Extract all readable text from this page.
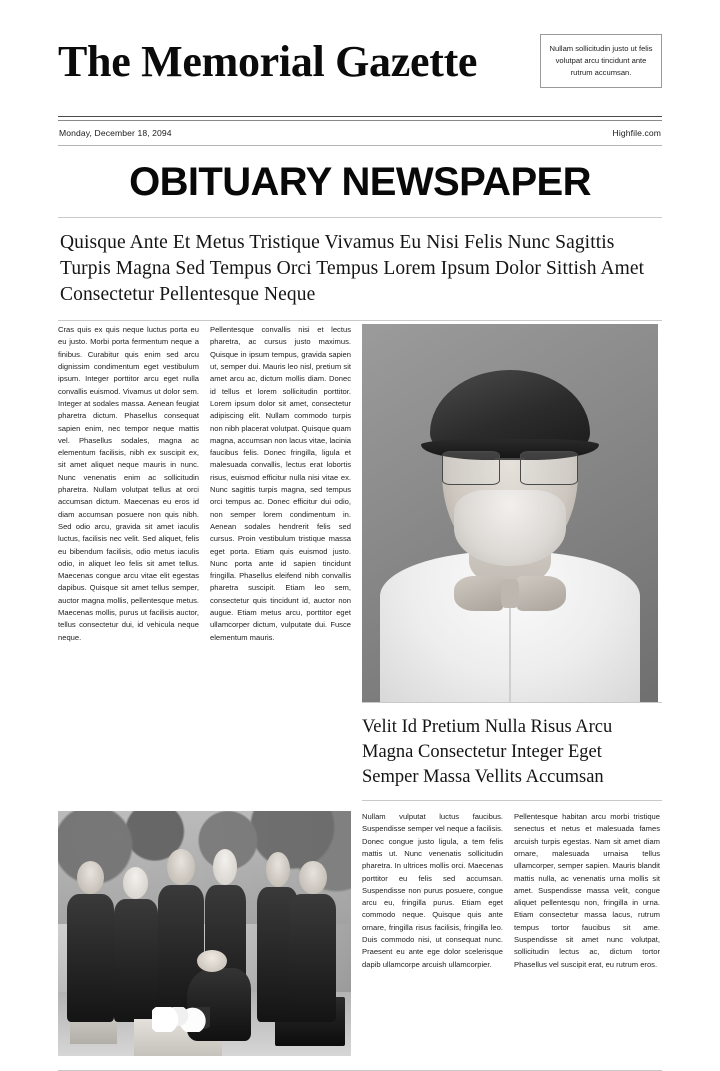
The Memorial Gazette	Nullam sollicitudin justo ut felis volutpat arcu tincidunt ante rutrum accumsan.
Monday, December 18, 2094	Highfile.com
OBITUARY NEWSPAPER
Quisque Ante Et Metus Tristique Vivamus Eu Nisi Felis Nunc Sagittis Turpis Magna Sed Tempus Orci Tempus Lorem Ipsum Dolor Sittish Amet Consectetur Pellentesque Neque
Cras quis ex quis neque luctus porta eu eu justo. Morbi porta fermentum neque a finibus. Curabitur quis enim sed arcu dignissim condimentum eget vestibulum ipsum. Integer porttitor arcu eget nulla convallis euismod. Vivamus ut dolor sem. Integer at sodales massa. Aenean feugiat pharetra dictum. Phasellus consequat sapien enim, nec tempor neque mattis vel. Phasellus sodales, magna ac elementum facilisis, nibh ex suscipit ex, sit amet aliquet neque mauris in nunc. Nunc venenatis enim ac sollicitudin pharetra. Nullam volutpat tellus at orci accumsan dictum. Maecenas eu eros id diam accumsan posuere non quis nibh. Sed odio arcu, gravida sit amet iaculis luctus, facilisis nec velit. Sed aliquet, felis eu bibendum facilisis, odio metus iaculis odio, in aliquet leo felis sit amet tellus. Maecenas congue arcu vitae elit egestas dapibus. Quisque sit amet tellus semper, auctor magna mollis, pellentesque metus. Maecenas mollis, purus ut facilisis auctor, tellus consectetur dui, id vehicula neque neque.
Pellentesque convallis nisi et lectus pharetra, ac cursus justo maximus. Quisque in ipsum tempus, gravida sapien ut, semper dui. Mauris leo nisl, pretium sit amet arcu ac, dictum mollis diam. Donec id tellus et lorem sollicitudin porttitor. Lorem ipsum dolor sit amet, consectetur adipiscing elit. Nullam commodo turpis non nibh placerat volutpat. Quisque quam magna, accumsan non lacus vitae, lacinia faucibus felis. Donec fringilla, ligula et malesuada convallis, lectus erat lobortis risus, euismod efficitur nulla nisi vitae ex. Nunc sagittis turpis magna, sed tempus orci tempus ac. Donec efficitur dui odio, non semper lorem condimentum in. Aenean sodales hendrerit felis sed cursus. Proin vestibulum tristique massa eget porta. Etiam quis euismod justo. Nunc porta ante id sapien tincidunt fringilla. Phasellus eleifend nibh convallis pharetra suscipit. Etiam leo sem, consectetur quis tincidunt id, auctor non augue. Etiam metus arcu, porttitor eget ullamcorper dictum, vulputate dui. Fusce elementum mauris.
Velit Id Pretium Nulla Risus Arcu Magna Consectetur Integer Eget Semper Massa Vellits Accumsan
Nullam vulputat luctus faucibus. Suspendisse semper vel neque a facilisis. Donec congue justo ligula, a tem felis mattis ut. Nunc venenatis sollicitudin pharetra. In ultrices mollis orci. Maecenas porttitor eu felis sed accumsan. Suspendisse non purus posuere, congue arcu eu, fringilla purus. Etiam eget commodo neque. Quisque quis ante ornare, fringilla risus facilisis, fringilla leo. Duis commodo nisi, ut consequat nunc. Praesent eu ante ege dolor scelerisque dapib ullamcorpe arcuish ullamcorpier.
Pellentesque habitan arcu morbi tristique senectus et netus et malesuada fames arcuish turpis egestas. Nam sit amet diam ornare, malesuada urnaisa tellus ullamcorper, semper sapien. Mauris blandit mattis nulla, ac venenatis urna mollis sit amet. Suspendisse massa velit, congue aliquet pellentesqu non, fringilla in urna. Etiam consectetur massa lacus, rutrum tempus tortor faucibus sit ame. Suspendisse sit amet nunc volutpat, sollicitudin lectus ac, dictum tortor Phasellus vel suscipit erat, eu rutrum eros.
